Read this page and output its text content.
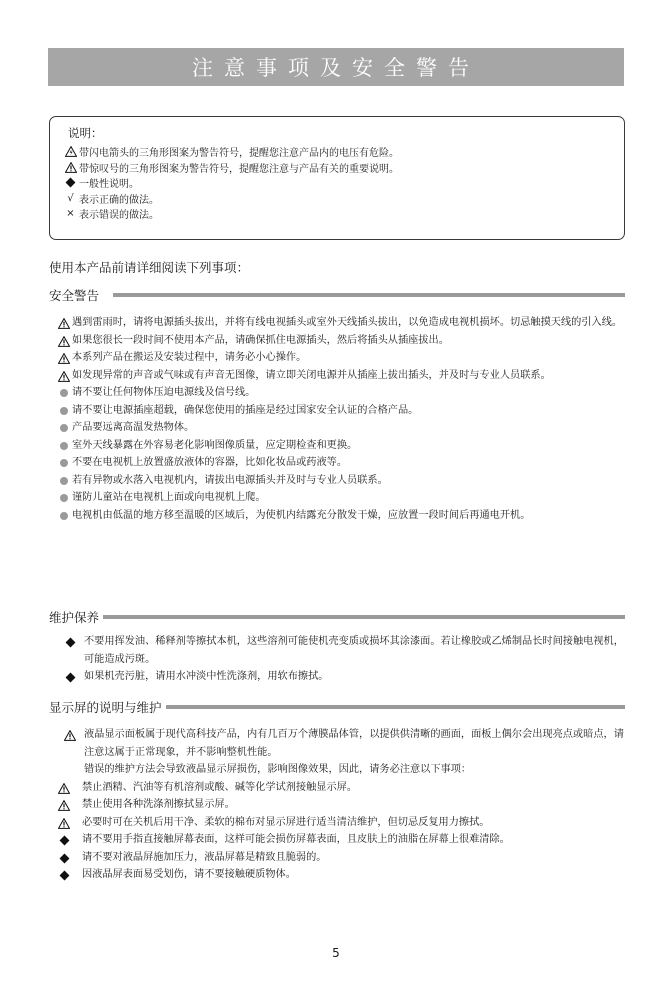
注意事项及安全警告
说明：
带闪电箭头的三角形图案为警告符号，提醒您注意产品内的电压有危险。
带惊叹号的三角形图案为警告符号，提醒您注意与产品有关的重要说明。
一般性说明。
√ 表示正确的做法。
× 表示错误的做法。
使用本产品前请详细阅读下列事项：
安全警告
遇到雷雨时，请将电源插头拔出，并将有线电视插头或室外天线插头拔出，以免造成电视机损坏。切忌触摸天线的引入线。
如果您很长一段时间不使用本产品，请确保抓住电源插头，然后将插头从插座拔出。
本系列产品在搬运及安装过程中，请务必小心操作。
如发现异常的声音或气味或有声音无图像，请立即关闭电源并从插座上拔出插头，并及时与专业人员联系。
请不要让任何物体压迫电源线及信号线。
请不要让电源插座超载，确保您使用的插座是经过国家安全认证的合格产品。
产品要远离高温发热物体。
室外天线暴露在外容易老化影响图像质量，应定期检查和更换。
不要在电视机上放置盛放液体的容器，比如化妆品或药液等。
若有异物或水落入电视机内，请拔出电源插头并及时与专业人员联系。
谨防儿童站在电视机上面或向电视机上爬。
电视机由低温的地方移至温暖的区域后，为使机内结露充分散发干燥，应放置一段时间后再通电开机。
维护保养
不要用挥发油、稀释剂等擦拭本机，这些溶剂可能使机壳变质或损坏其涂漆面。若让橡胶或乙烯制品长时间接触电视机，可能造成污斑。
如果机壳污脏，请用水冲淡中性洗涤剂，用软布擦拭。
显示屏的说明与维护
液晶显示面板属于现代高科技产品，内有几百万个薄膜晶体管，以提供供清晰的画面，面板上偶尔会出现亮点或暗点，请注意这属于正常现象，并不影响整机性能。
错误的维护方法会导致液晶显示屏损伤，影响图像效果，因此，请务必注意以下事项：
禁止酒精、汽油等有机溶剂或酸、碱等化学试剂接触显示屏。
禁止使用各种洗涤剂擦拭显示屏。
必要时可在关机后用干净、柔软的棉布对显示屏进行适当清洁维护，但切忌反复用力擦拭。
请不要用手指直接触屏幕表面，这样可能会损伤屏幕表面，且皮肤上的油脂在屏幕上很难清除。
请不要对液晶屏施加压力，液晶屏幕是精致且脆弱的。
因液晶屏表面易受划伤，请不要接触硬质物体。
5
